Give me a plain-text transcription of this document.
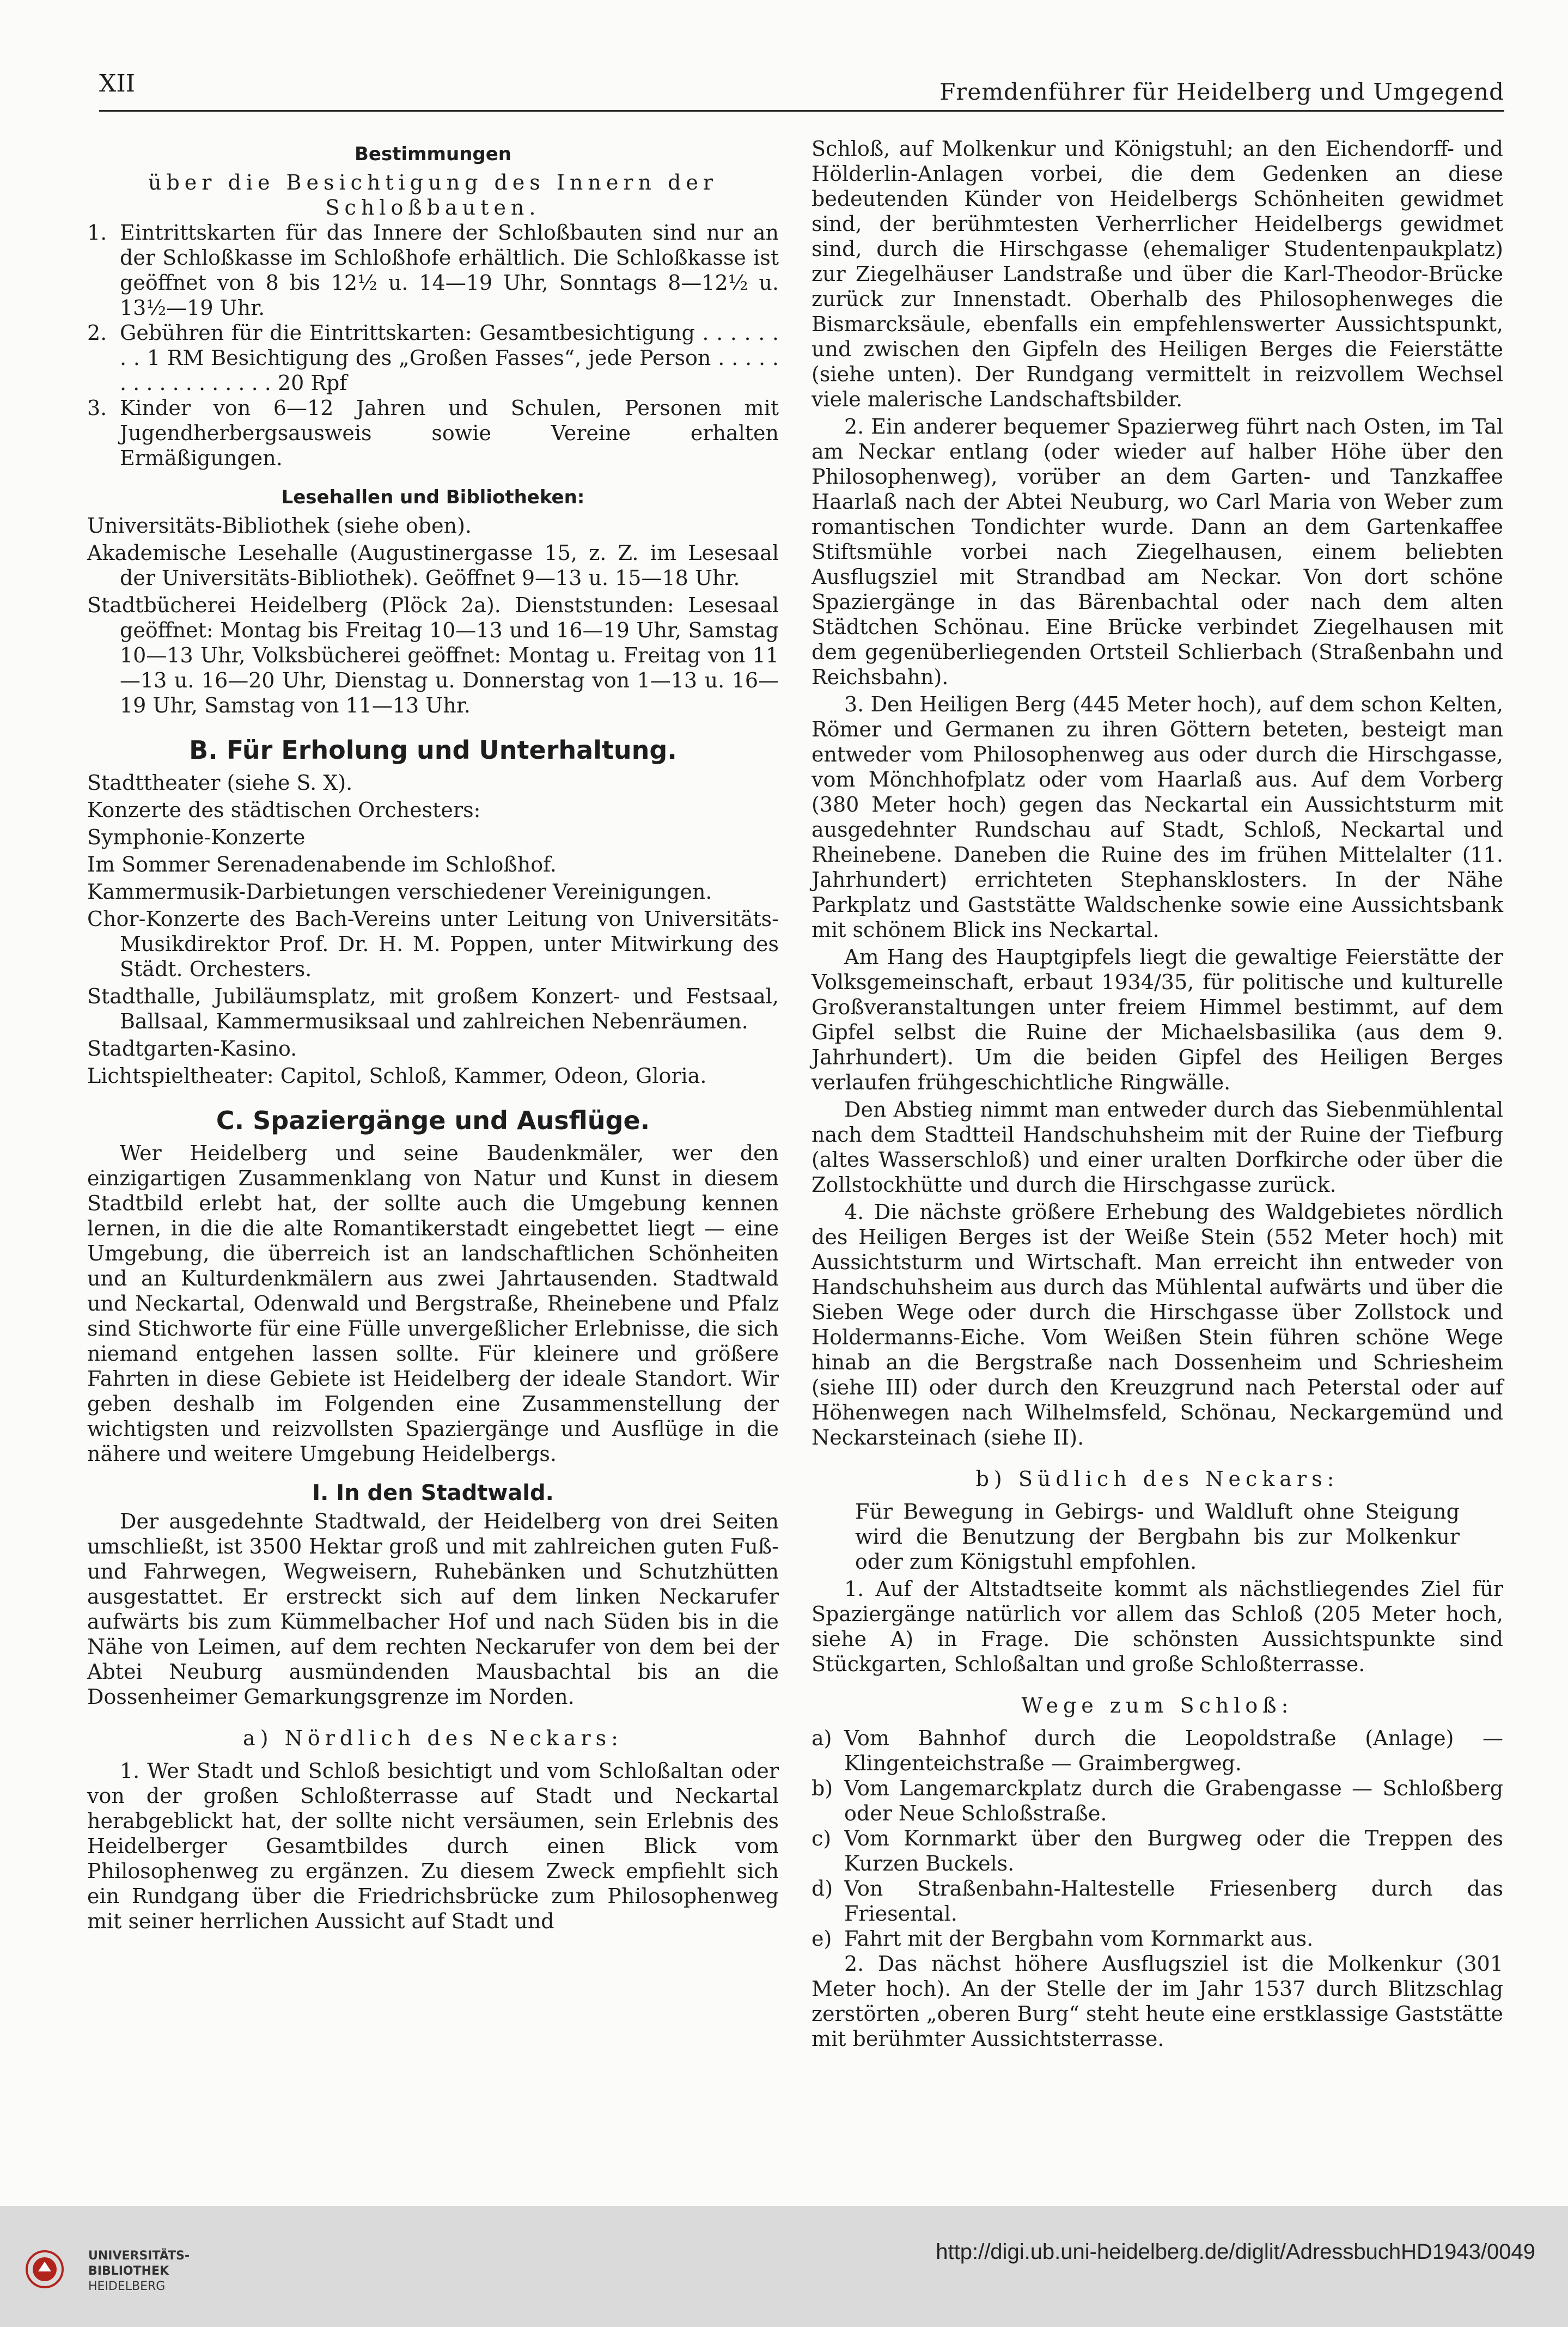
XII	Fremdenführer für Heidelberg und Umgegend
Bestimmungen
über die Besichtigung des Innern der Schloßbauten.
1. Eintrittskarten für das Innere der Schloßbauten sind nur an der Schloßkasse im Schloßhofe erhältlich. Die Schloßkasse ist geöffnet von 8 bis 12½ u. 14—19 Uhr, Sonntags 8—12½ u. 13½—19 Uhr.
2. Gebühren für die Eintrittskarten: Gesamtbesichtigung . . . . . . . . 1 RM Besichtigung des „Großen Fasses“, jede Person . . . . . . . . . . . . . . . . . 20 Rpf
3. Kinder von 6—12 Jahren und Schulen, Personen mit Jugendherbergsausweis sowie Vereine erhalten Ermäßigungen.
Lesehallen und Bibliotheken:

Universitäts-Bibliothek (siehe oben).

Akademische Lesehalle (Augustinergasse 15, z. Z. im Lesesaal der Universitäts-Bibliothek). Geöffnet 9—13 u. 15—18 Uhr.

Stadtbücherei Heidelberg (Plöck 2a). Dienststunden: Lesesaal geöffnet: Montag bis Freitag 10—13 und 16—19 Uhr, Samstag 10—13 Uhr, Volksbücherei geöffnet: Montag u. Freitag von 11—13 u. 16—20 Uhr, Dienstag u. Donnerstag von 1—13 u. 16—19 Uhr, Samstag von 11—13 Uhr.

B. Für Erholung und Unterhaltung.

Stadttheater (siehe S. X).

Konzerte des städtischen Orchesters:

Symphonie-Konzerte

Im Sommer Serenadenabende im Schloßhof.

Kammermusik-Darbietungen verschiedener Vereinigungen.

Chor-Konzerte des Bach-Vereins unter Leitung von Universitäts-Musikdirektor Prof. Dr. H. M. Poppen, unter Mitwirkung des Städt. Orchesters.

Stadthalle, Jubiläumsplatz, mit großem Konzert- und Festsaal, Ballsaal, Kammermusiksaal und zahlreichen Nebenräumen.

Stadtgarten-Kasino.

Lichtspieltheater: Capitol, Schloß, Kammer, Odeon, Gloria.

C. Spaziergänge und Ausflüge.

Wer Heidelberg und seine Baudenkmäler, wer den einzigartigen Zusammenklang von Natur und Kunst in diesem Stadtbild erlebt hat, der sollte auch die Umgebung kennen lernen, in die die alte Romantikerstadt eingebettet liegt — eine Umgebung, die überreich ist an landschaftlichen Schönheiten und an Kulturdenkmälern aus zwei Jahrtausenden. Stadtwald und Neckartal, Odenwald und Bergstraße, Rheinebene und Pfalz sind Stichworte für eine Fülle unvergeßlicher Erlebnisse, die sich niemand entgehen lassen sollte. Für kleinere und größere Fahrten in diese Gebiete ist Heidelberg der ideale Standort. Wir geben deshalb im Folgenden eine Zusammenstellung der wichtigsten und reizvollsten Spaziergänge und Ausflüge in die nähere und weitere Umgebung Heidelbergs.

I. In den Stadtwald.

Der ausgedehnte Stadtwald, der Heidelberg von drei Seiten umschließt, ist 3500 Hektar groß und mit zahlreichen guten Fuß- und Fahrwegen, Wegweisern, Ruhebänken und Schutzhütten ausgestattet. Er erstreckt sich auf dem linken Neckarufer aufwärts bis zum Kümmelbacher Hof und nach Süden bis in die Nähe von Leimen, auf dem rechten Neckarufer von dem bei der Abtei Neuburg ausmündenden Mausbachtal bis an die Dossenheimer Gemarkungsgrenze im Norden.

a) Nördlich des Neckars:

1. Wer Stadt und Schloß besichtigt und vom Schloßaltan oder von der großen Schloßterrasse auf Stadt und Neckartal herabgeblickt hat, der sollte nicht versäumen, sein Erlebnis des Heidelberger Gesamtbildes durch einen Blick vom Philosophenweg zu ergänzen. Zu diesem Zweck empfiehlt sich ein Rundgang über die Friedrichsbrücke zum Philosophenweg mit seiner herrlichen Aussicht auf Stadt und

Schloß, auf Molkenkur und Königstuhl; an den Eichendorff- und Hölderlin-Anlagen vorbei, die dem Gedenken an diese bedeutenden Künder von Heidelbergs Schönheiten gewidmet sind, der berühmtesten Verherrlicher Heidelbergs gewidmet sind, durch die Hirschgasse (ehemaliger Studentenpaukplatz) zur Ziegelhäuser Landstraße und über die Karl-Theodor-Brücke zurück zur Innenstadt. Oberhalb des Philosophenweges die Bismarcksäule, ebenfalls ein empfehlenswerter Aussichtspunkt, und zwischen den Gipfeln des Heiligen Berges die Feierstätte (siehe unten). Der Rundgang vermittelt in reizvollem Wechsel viele malerische Landschaftsbilder.

2. Ein anderer bequemer Spazierweg führt nach Osten, im Tal am Neckar entlang (oder wieder auf halber Höhe über den Philosophenweg), vorüber an dem Garten- und Tanzkaffee Haarlaß nach der Abtei Neuburg, wo Carl Maria von Weber zum romantischen Tondichter wurde. Dann an dem Gartenkaffee Stiftsmühle vorbei nach Ziegelhausen, einem beliebten Ausflugsziel mit Strandbad am Neckar. Von dort schöne Spaziergänge in das Bärenbachtal oder nach dem alten Städtchen Schönau. Eine Brücke verbindet Ziegelhausen mit dem gegenüberliegenden Ortsteil Schlierbach (Straßenbahn und Reichsbahn).

3. Den Heiligen Berg (445 Meter hoch), auf dem schon Kelten, Römer und Germanen zu ihren Göttern beteten, besteigt man entweder vom Philosophenweg aus oder durch die Hirschgasse, vom Mönchhofplatz oder vom Haarlaß aus. Auf dem Vorberg (380 Meter hoch) gegen das Neckartal ein Aussichtsturm mit ausgedehnter Rundschau auf Stadt, Schloß, Neckartal und Rheinebene. Daneben die Ruine des im frühen Mittelalter (11. Jahrhundert) errichteten Stephansklosters. In der Nähe Parkplatz und Gaststätte Waldschenke sowie eine Aussichtsbank mit schönem Blick ins Neckartal.

Am Hang des Hauptgipfels liegt die gewaltige Feierstätte der Volksgemeinschaft, erbaut 1934/35, für politische und kulturelle Großveranstaltungen unter freiem Himmel bestimmt, auf dem Gipfel selbst die Ruine der Michaelsbasilika (aus dem 9. Jahrhundert). Um die beiden Gipfel des Heiligen Berges verlaufen frühgeschichtliche Ringwälle.

Den Abstieg nimmt man entweder durch das Siebenmühlental nach dem Stadtteil Handschuhsheim mit der Ruine der Tiefburg (altes Wasserschloß) und einer uralten Dorfkirche oder über die Zollstockhütte und durch die Hirschgasse zurück.

4. Die nächste größere Erhebung des Waldgebietes nördlich des Heiligen Berges ist der Weiße Stein (552 Meter hoch) mit Aussichtsturm und Wirtschaft. Man erreicht ihn entweder von Handschuhsheim aus durch das Mühlental aufwärts und über die Sieben Wege oder durch die Hirschgasse über Zollstock und Holdermanns-Eiche. Vom Weißen Stein führen schöne Wege hinab an die Bergstraße nach Dossenheim und Schriesheim (siehe III) oder durch den Kreuzgrund nach Peterstal oder auf Höhenwegen nach Wilhelmsfeld, Schönau, Neckargemünd und Neckarsteinach (siehe II).

b) Südlich des Neckars:

Für Bewegung in Gebirgs- und Waldluft ohne Steigung wird die Benutzung der Bergbahn bis zur Molkenkur oder zum Königstuhl empfohlen.

1. Auf der Altstadtseite kommt als nächstliegendes Ziel für Spaziergänge natürlich vor allem das Schloß (205 Meter hoch, siehe A) in Frage. Die schönsten Aussichtspunkte sind Stückgarten, Schloßaltan und große Schloßterrasse.

Wege zum Schloß:
a) Vom Bahnhof durch die Leopoldstraße (Anlage) — Klingenteichstraße — Graimbergweg.
b) Vom Langemarckplatz durch die Grabengasse — Schloßberg oder Neue Schloßstraße.
c) Vom Kornmarkt über den Burgweg oder die Treppen des Kurzen Buckels.
d) Von Straßenbahn-Haltestelle Friesenberg durch das Friesental.
e) Fahrt mit der Bergbahn vom Kornmarkt aus.

2. Das nächst höhere Ausflugsziel ist die Molkenkur (301 Meter hoch). An der Stelle der im Jahr 1537 durch Blitzschlag zerstörten „oberen Burg“ steht heute eine erstklassige Gaststätte mit berühmter Aussichtsterrasse.

UNIVERSITÄTS-
BIBLIOTHEK
HEIDELBERG
http://digi.ub.uni-heidelberg.de/diglit/AdressbuchHD1943/0049
